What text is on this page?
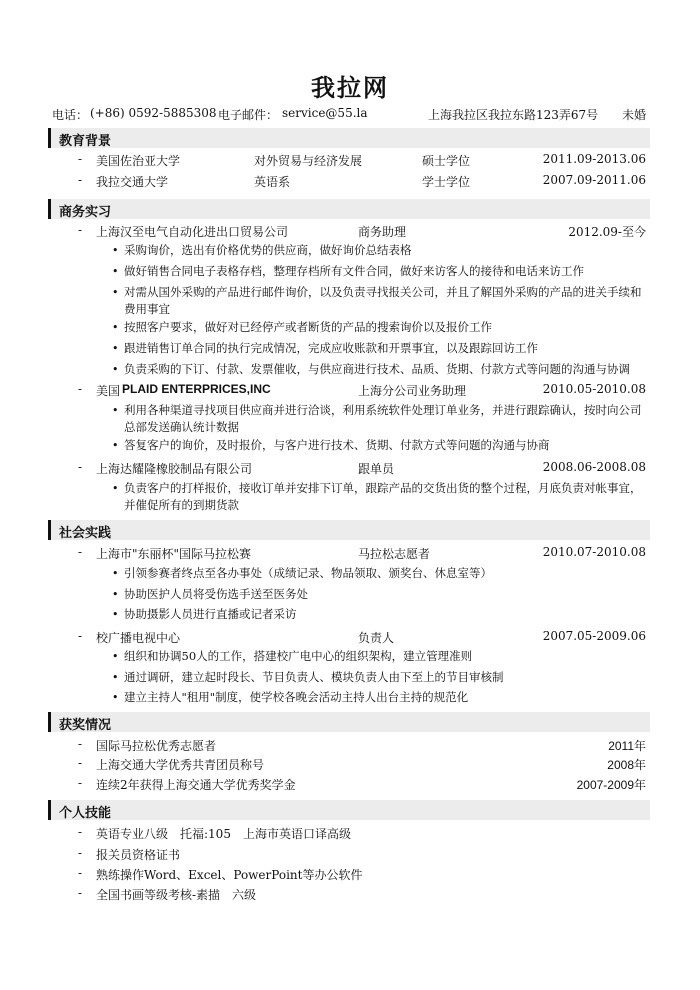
我拉网
电话： (+86) 0592-5885308 电子邮件： service@55.la	上海我拉区我拉东路123弄67号 未婚
教育背景
- 美国佐治亚大学	对外贸易与经济发展	硕士学位	2011.09-2013.06
- 我拉交通大学	英语系	学士学位	2007.09-2011.06
商务实习
- 上海汉至电气自动化进出口贸易公司	商务助理	2012.09-至今
• 采购询价，选出有价格优势的供应商，做好询价总结表格
• 做好销售合同电子表格存档，整理存档所有文件合同，做好来访客人的接待和电话来访工作
• 对需从国外采购的产品进行邮件询价，以及负责寻找报关公司，并且了解国外采购的产品的进关手续和费用事宜
• 按照客户要求，做好对已经停产或者断货的产品的搜索询价以及报价工作
• 跟进销售订单合同的执行完成情况，完成应收账款和开票事宜，以及跟踪回访工作
• 负责采购的下订、付款、发票催收，与供应商进行技术、品质、货期、付款方式等问题的沟通与协调
- 美国 PLAID ENTERPRICES,INC	上海分公司业务助理	2010.05-2010.08
• 利用各种渠道寻找项目供应商并进行洽谈，利用系统软件处理订单业务，并进行跟踪确认，按时向公司总部发送确认统计数据
• 答复客户的询价，及时报价，与客户进行技术、货期、付款方式等问题的沟通与协商
- 上海达耀隆橡胶制品有限公司	跟单员	2008.06-2008.08
• 负责客户的打样报价，接收订单并安排下订单，跟踪产品的交货出货的整个过程，月底负责对帐事宜，并催促所有的到期货款
社会实践
- 上海市"东丽杯"国际马拉松赛	马拉松志愿者	2010.07-2010.08
• 引领参赛者终点至各办事处（成绩记录、物品领取、颁奖台、休息室等）
• 协助医护人员将受伤选手送至医务处
• 协助摄影人员进行直播或记者采访
- 校广播电视中心	负责人	2007.05-2009.06
• 组织和协调50人的工作，搭建校广电中心的组织架构，建立管理准则
• 通过调研，建立起时段长、节目负责人、模块负责人由下至上的节目审核制
• 建立主持人"租用"制度，使学校各晚会活动主持人出台主持的规范化
获奖情况
- 国际马拉松优秀志愿者	2011年
- 上海交通大学优秀共青团员称号	2008年
- 连续2年获得上海交通大学优秀奖学金	2007-2009年
个人技能
- 英语专业八级　托福:105　上海市英语口译高级
- 报关员资格证书
- 熟练操作Word、Excel、PowerPoint等办公软件
- 全国书画等级考核-素描　六级
